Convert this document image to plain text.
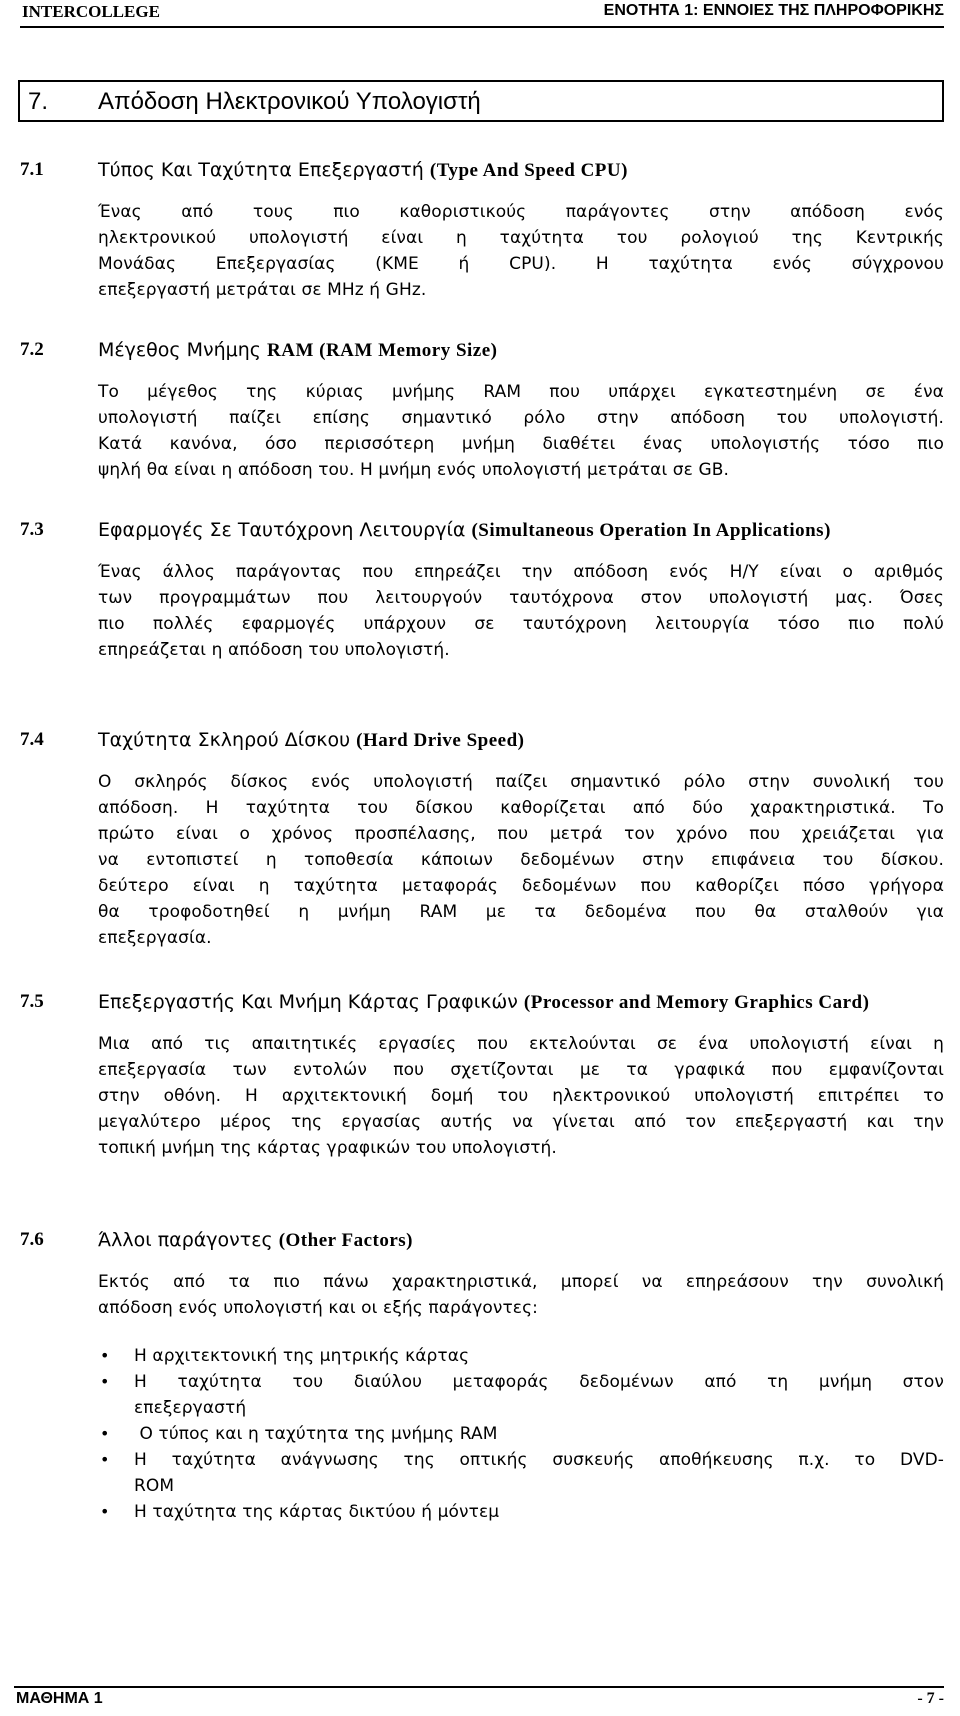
INTERCOLLEGE	ΕΝΟΤΗΤΑ 1: ΕΝΝΟΙΕΣ ΤΗΣ ΠΛΗΡΟΦΟΡΙΚΗΣ
7. Απόδοση Ηλεκτρονικού Υπολογιστή
7.1	Τύπος Και Ταχύτητα Επεξεργαστή (Type And Speed CPU)
Ένας από τους πιο καθοριστικούς παράγοντες στην απόδοση ενός
ηλεκτρονικού υπολογιστή είναι η ταχύτητα του ρολογιού της Κεντρικής
Μονάδας Επεξεργασίας (ΚΜΕ ή CPU). Η ταχύτητα ενός σύγχρονου
επεξεργαστή μετράται σε MHz ή GHz.
7.2	Μέγεθος Μνήμης RAM (RAM Memory Size)
Το μέγεθος της κύριας μνήμης RAM που υπάρχει εγκατεστημένη σε ένα
υπολογιστή παίζει επίσης σημαντικό ρόλο στην απόδοση του υπολογιστή.
Κατά κανόνα, όσο περισσότερη μνήμη διαθέτει ένας υπολογιστής τόσο πιο
ψηλή θα είναι η απόδοση του. Η μνήμη ενός υπολογιστή μετράται σε GB.
7.3	Εφαρμογές Σε Ταυτόχρονη Λειτουργία (Simultaneous Operation In Applications)
Ένας άλλος παράγοντας που επηρεάζει την απόδοση ενός Η/Υ είναι ο αριθμός
των προγραμμάτων που λειτουργούν ταυτόχρονα στον υπολογιστή μας. Όσες
πιο πολλές εφαρμογές υπάρχουν σε ταυτόχρονη λειτουργία τόσο πιο πολύ
επηρεάζεται η απόδοση του υπολογιστή.
7.4	Ταχύτητα Σκληρού Δίσκου (Hard Drive Speed)
Ο σκληρός δίσκος ενός υπολογιστή παίζει σημαντικό ρόλο στην συνολική του
απόδοση. Η ταχύτητα του δίσκου καθορίζεται από δύο χαρακτηριστικά. Το
πρώτο είναι ο χρόνος προσπέλασης, που μετρά τον χρόνο που χρειάζεται για
να εντοπιστεί η τοποθεσία κάποιων δεδομένων στην επιφάνεια του δίσκου.
δεύτερο είναι η ταχύτητα μεταφοράς δεδομένων που καθορίζει πόσο γρήγορα
θα τροφοδοτηθεί η μνήμη RAM με τα δεδομένα που θα σταλθούν για
επεξεργασία.
7.5	Επεξεργαστής Και Μνήμη Κάρτας Γραφικών (Processor and Memory Graphics Card)
Μια από τις απαιτητικές εργασίες που εκτελούνται σε ένα υπολογιστή είναι η
επεξεργασία των εντολών που σχετίζονται με τα γραφικά που εμφανίζονται
στην οθόνη. Η αρχιτεκτονική δομή του ηλεκτρονικού υπολογιστή επιτρέπει το
μεγαλύτερο μέρος της εργασίας αυτής να γίνεται από τον επεξεργαστή και την
τοπική μνήμη της κάρτας γραφικών του υπολογιστή.
7.6	Άλλοι παράγοντες (Other Factors)
Εκτός από τα πιο πάνω χαρακτηριστικά, μπορεί να επηρεάσουν την συνολική
απόδοση ενός υπολογιστή και οι εξής παράγοντες:
• Η αρχιτεκτονική της μητρικής κάρτας
• Η ταχύτητα του διαύλου μεταφοράς δεδομένων από τη μνήμη στον
επεξεργαστή
• Ο τύπος και η ταχύτητα της μνήμης RAM
• Η ταχύτητα ανάγνωσης της οπτικής συσκευής αποθήκευσης π.χ. το DVD-
ROM
• Η ταχύτητα της κάρτας δικτύου ή μόντεμ
ΜΑΘΗΜΑ 1	- 7 -
